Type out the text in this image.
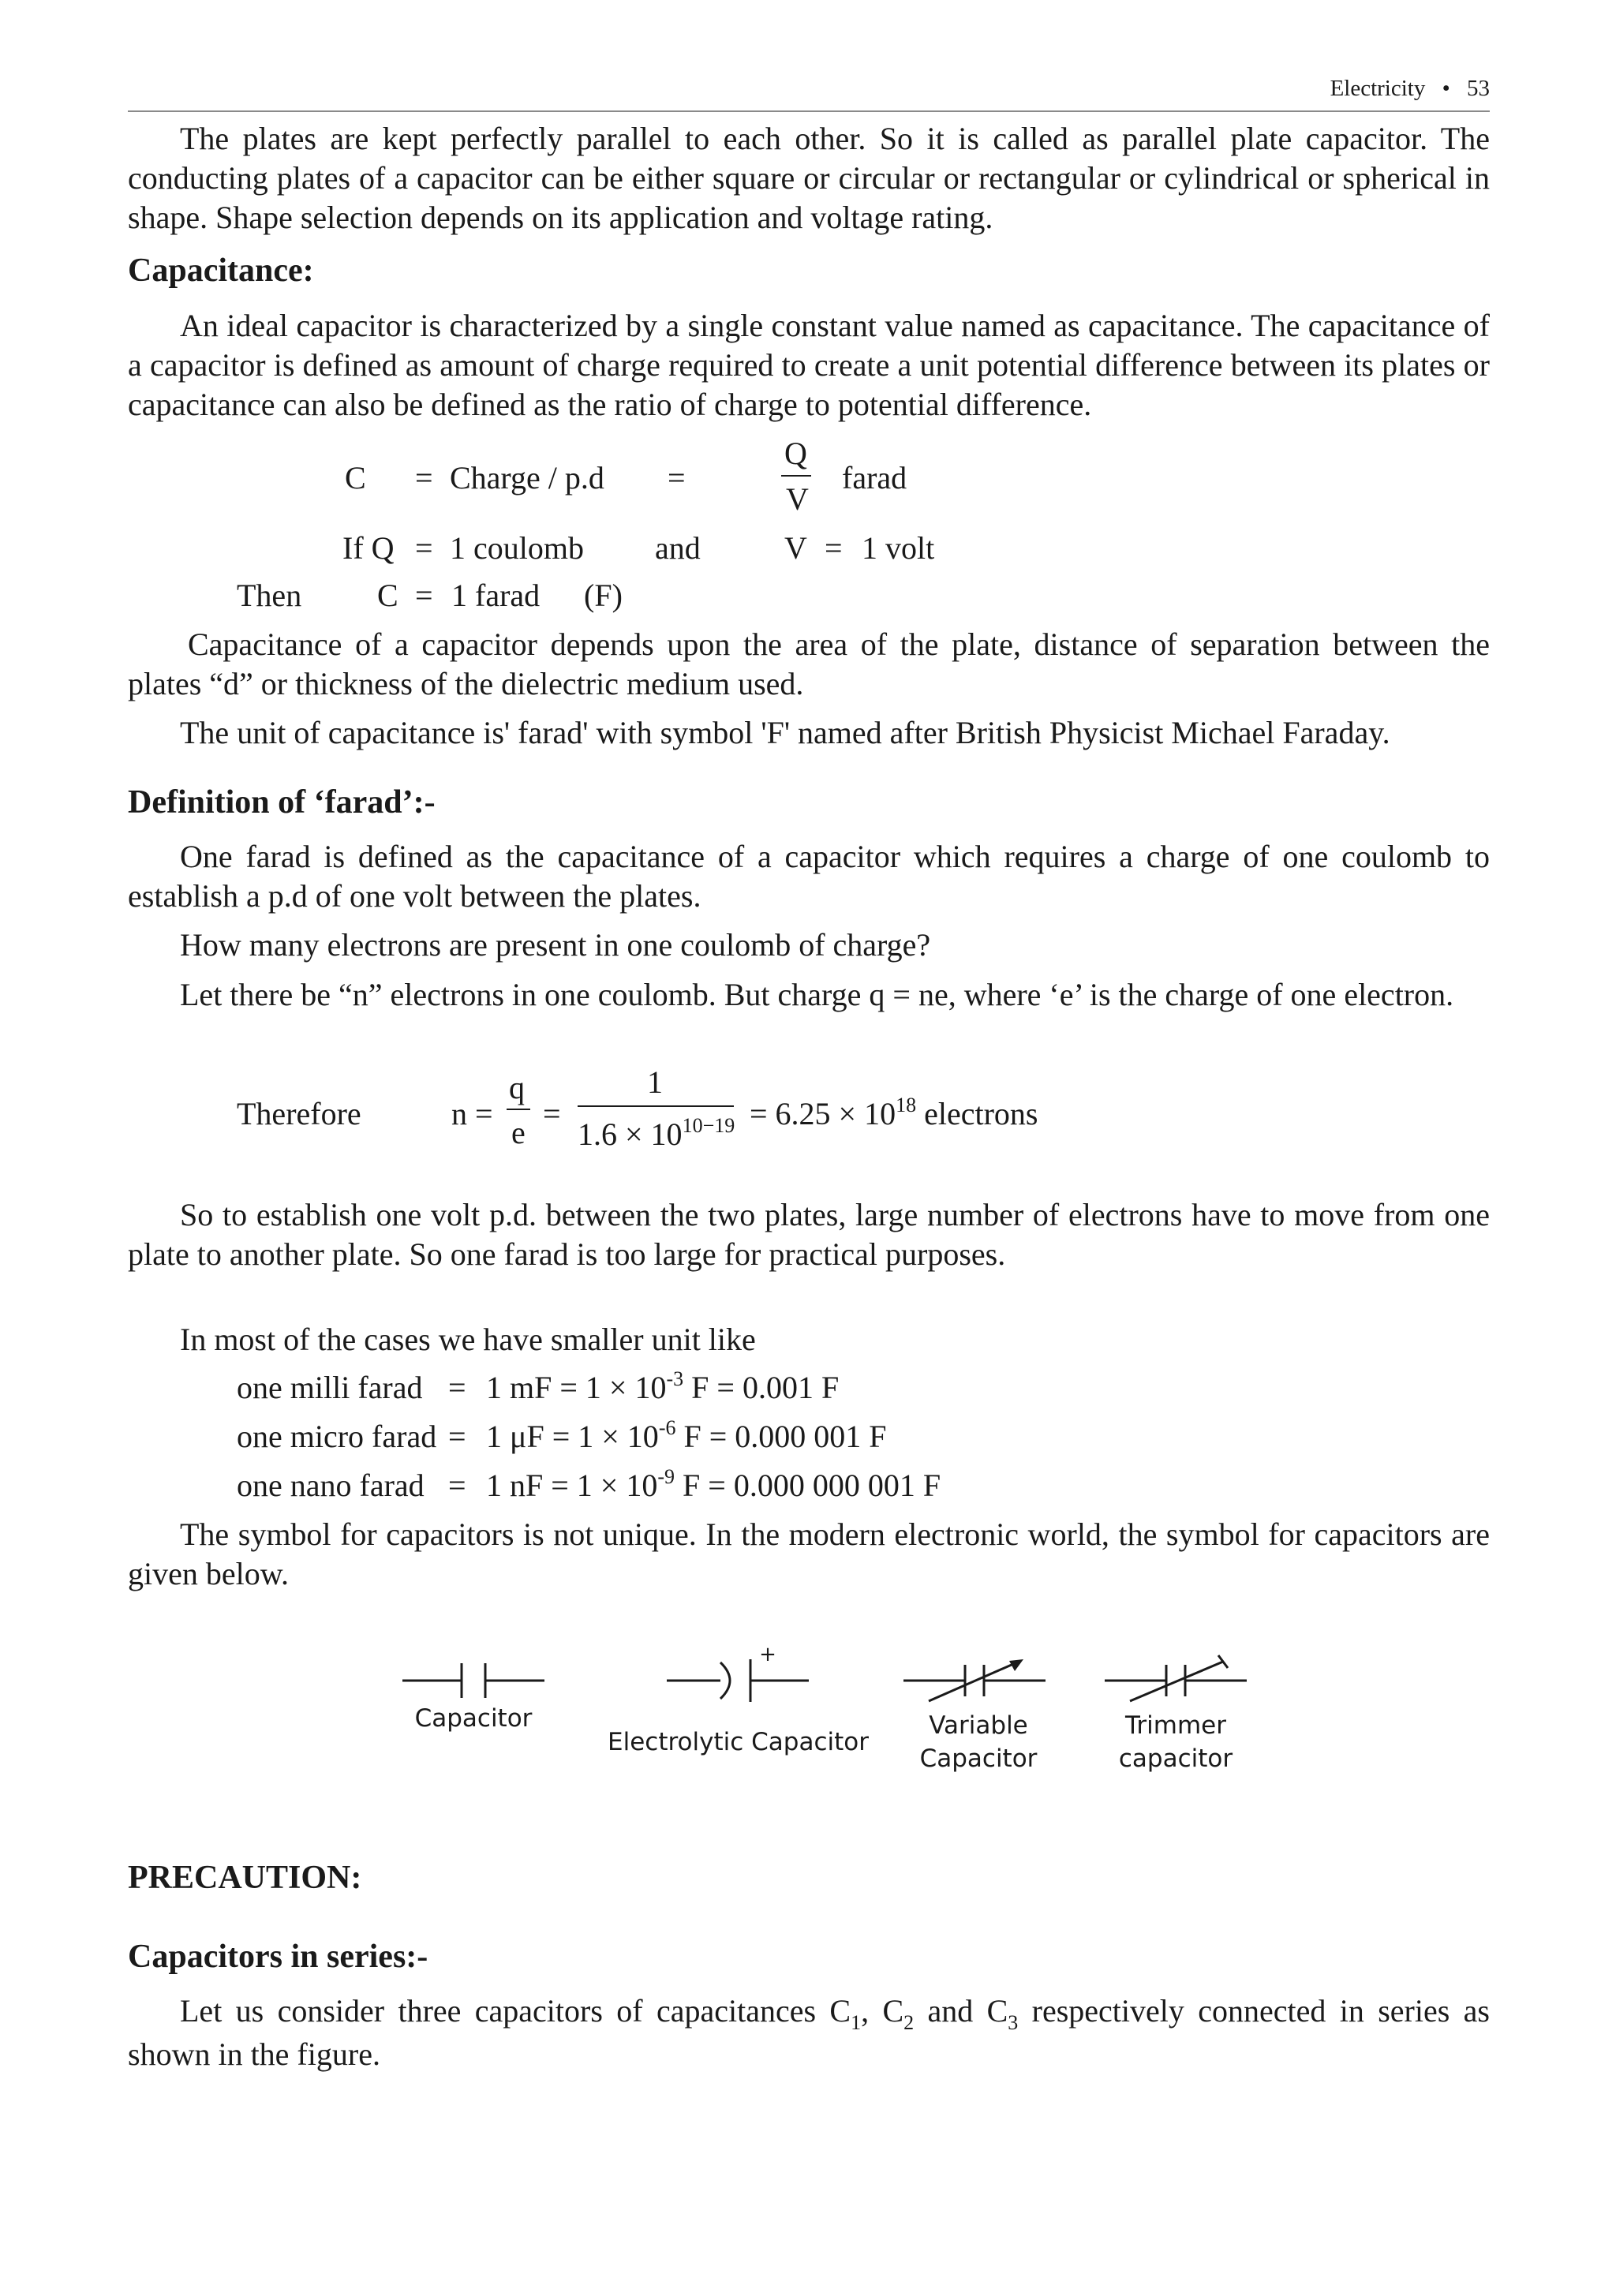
Electricity • 53
The plates are kept perfectly parallel to each other. So it is called as parallel plate capacitor. The conducting plates of a capacitor can be either square or circular or rectangular or cylindrical or spherical in shape. Shape selection depends on its application and voltage rating.
Capacitance:
An ideal capacitor is characterized by a single constant value named as capacitance. The capacitance of a capacitor is defined as amount of charge required to create a unit potential difference between its plates or capacitance can also be defined as the ratio of charge to potential difference.
C = Charge / p.d =
Q
V
farad
If Q = 1 coulomb and	V = 1 volt
Then C = 1 farad (F)
Capacitance of a capacitor depends upon the area of the plate, distance of separation between the plates “d” or thickness of the dielectric medium used.
The unit of capacitance is' farad' with symbol 'F' named after British Physicist Michael Faraday.
Definition of ‘farad’:-
One farad is defined as the capacitance of a capacitor which requires a charge of one coulomb to establish a p.d of one volt between the plates.
How many electrons are present in one coulomb of charge?
Let there be “n” electrons in one coulomb. But charge q = ne, where ‘e’ is the charge of one electron.
Therefore	n =
q
e
=
1
$1.6 \times 10^{10-19} = 6.25 \times 10^{18}$ electrons
So to establish one volt p.d. between the two plates, large number of electrons have to move from one plate to another plate. So one farad is too large for practical purposes.
In most of the cases we have smaller unit like
one milli farad = 1 mF = $1 \times 10^{-3}$ F = 0.001 F
one micro farad = 1 $\mu F = 1 \times 10^{-6}$ F = 0.000 001 F
one nano farad = 1 nF = $1 \times 10^{-9}$ F = 0.000 000 001 F
The symbol for capacitors is not unique. In the modern electronic world, the symbol for capacitors are given below.
Capacitor
+
Electrolytic Capacitor
Variable
Capacitor
Trimmer
capacitor
PRECAUTION:
Capacitors in series:-
Let us consider three capacitors of capacitances $C_1$, $C_2$ and $C_3$ respectively connected in series as shown in the figure.
